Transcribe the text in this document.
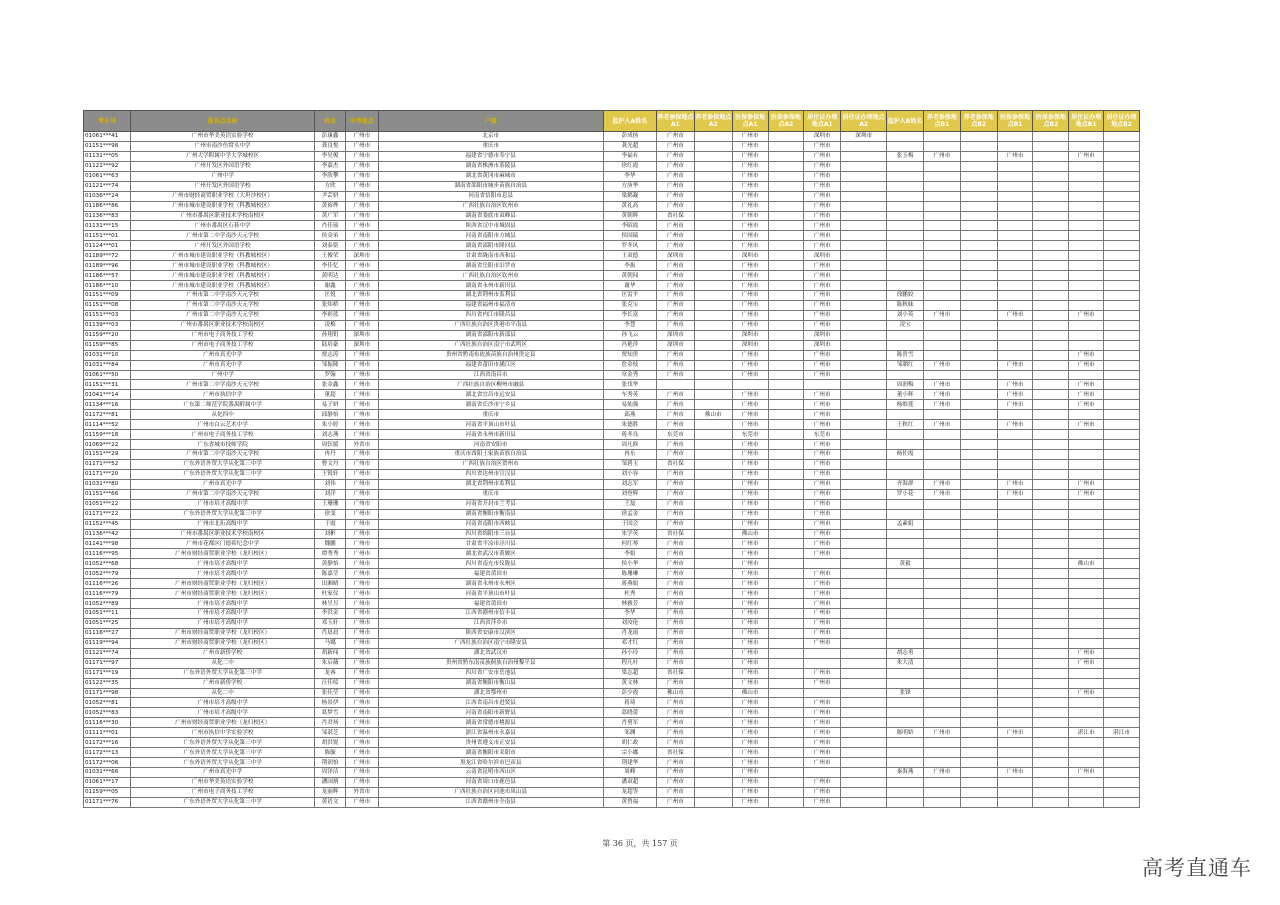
考生号	报名点名称	姓名	中考地点	户籍	监护人A姓名	养老参保地点A1	养老参保地点A2	医保参保地点A1	医保参保地点A2	居住证办理地点A1	居住证办理地点A2	监护人B姓名	养老参保地点B1	养老参保地点B2	医保参保地点B1	医保参保地点B2	居住证办理地点B1	居住证办理地点B2
01061***41	广州市华美英语实验学校	彭康鑫	广州市	北京市	彭成扬	广州市		广州市		深圳市	深圳市							
01151***98	广州市南沙鱼窝头中学	龚良悦	广州市	重庆市	龚光超	广州市		广州市		广州市								
01131***05	广州大学附属中学大学城校区	李昊俊	广州市	福建省宁德市寿宁县	李福有	广州市		广州市		广州市		张玉梅	广州市		广州市		广州市	
01121***92	广州开发区外国语学校	李嘉杰	广州市	湖南省株洲市茶陵县	徐红霞	广州市		广州市		广州市								
01061***63	广州中学	李欣攀	广州市	湖北省黄冈市麻城市	李华	广州市		广州市		广州市								
01121***74	广州开发区外国语学校	方欣	广州市	湖南省邵阳市城步苗族自治县	方庚华	广州市		广州市		广州市								
01036***24	广州市财经商贸职业学校（大坦沙校区）	尹芸妍	广州市	河南省信阳市息县	梁鹤凝	广州市		广州市		广州市								
01186***86	广州市城市建设职业学校（科教城校区）	黄裕烨	广州市	广西壮族自治区钦州市	黄礼高	广州市		广州市		广州市								
01136***83	广州市番禺区职业技术学校南校区	黄广军	广州市	湖南省娄底市双峰县	黄朝晖	省社保		广州市		广州市								
01131***15	广州市番禺区石碁中学	肖佳瑶	广州市	陕西省汉中市城固县	李昭霞	广州市		广州市		广州市								
01151***01	广州市第二中学南沙天元学校	侯金弟	广州市	河南省南阳市方城县	侯国瑞	广州市		广州市		广州市								
01124***01	广州开发区外国语学校	刘泰铭	广州市	湖南省邵阳市隆回县	罗冬风	广州市		广州市		广州市								
01189***72	广州市城市建设职业学校（科教城校区）	王俊荣	深圳市	甘肃省陇南市西和县	王双德	深圳市		深圳市		深圳市								
01189***96	广州市城市建设职业学校（科教城校区）	李佳忆	广州市	湖南省岳阳市汨罗市	李振	广州市		广州市		广州市								
01186***57	广州市城市建设职业学校（科教城校区）	黄明达	广州市	广西壮族自治区钦州市	黄朝闯	广州市		广州市		广州市								
01186***10	广州市城市建设职业学校（科教城校区）	谢鑫	广州市	湖南省永州市新田县	谢华	广州市		广州市		广州市								
01151***09	广州市第二中学南沙天元学校	匡悦	广州市	湖北省荆州市监利县	匡雷平	广州市		广州市		广州市		徐鹏姣						
01151***08	广州市第二中学南沙天元学校	张炜桥	广州市	福建省福州市福清市	张克宝	广州市		广州市		广州市		陈秋妹						
01151***03	广州市第二中学南沙天元学校	李彩蓝	广州市	四川省内江市隆昌县	李长富	广州市		广州市		广州市		刘小英	广州市		广州市		广州市	
01139***03	广州市番禺区职业技术学校南校区	凌梅	广州市	广西壮族自治区贵港市平南县	李慧	广州市		广州市		广州市		凌宝						
01159***20	广州市电子商务技工学校	孙翔钥	深圳市	湖南省邵阳市新邵县	孙飞云	深圳市		深圳市		深圳市								
01159***85	广州市电子商务技工学校	陆培豪	深圳市	广西壮族自治区南宁市武鸣区	冯艳萍	深圳市		深圳市		深圳市								
01031***10	广州市真光中学	贾志涛	广州市	贵州省黔南布依族苗族自治州贵定县	贾知贵	广州市		广州市		广州市		陈贵雪					广州市	
01031***84	广州市真光中学	邹振隆	广州市	福建省莆田市涵江区	詹金枝	广州市		广州市		广州市		邹潮红	广州市		广州市		广州市	
01061***50	广州中学	罗翰	广州市	江西省南昌市	章金秀	广州市		广州市		广州市								
01151***31	广州市第二中学南沙天元学校	张金鑫	广州市	广西壮族自治区柳州市融县	张伐华							周润梅	广州市		广州市		广州市	
01041***14	广州市执信中学	董超	广州市	湖北省宜昌市远安县	车秀英	广州市		广州市		广州市		董小辉	广州市		广州市		广州市	
01134***16	广东第二师范学院番禺附属中学	易子妍	广州市	湖南省长沙市宁乡县	易灿强	广州市		广州市		广州市		杨维莲	广州市		广州市		广州市	
01172***81	从化四中	邱静怡	广州市	重庆市	邱燕	广州市	佛山市	广州市		广州市								
01114***52	广州市白云艺术中学	朱小婷	广州市	河南省平顶山市叶县	朱德胜	广州市		广州市		广州市		王秋红	广州市		广州市		广州市	
01159***18	广州市电子商务技工学校	刘志燕	广州市	河南省永州市新田县	蒋冬良	东莞市		东莞市		东莞市								
01069***22	广东省城市技师学院	周钰媛	外省市	河南省安阳市	周凡修	广州市		广州市		广州市								
01151***29	广州市第二中学南沙天元学校	冉丹	广州市	重庆市酉阳土家族苗族自治县	冉东	广州市		广州市		广州市		杨佐霞						
01171***52	广东外语外贸大学从化第三中学	曹文丹	广州市	广西壮族自治区贺州市	邹碧玉	省社保		广州市		广州市								
01171***20	广东外语外贸大学从化第三中学	王锐轩	广州市	四川省达州市宣汉县	刘小容	广州市		广州市		广州市								
01031***80	广州市真光中学	刘伟	广州市	湖北省荆州市监利县	刘志军	广州市		广州市		广州市		齐海群	广州市		广州市		广州市	
01151***66	广州市第二中学南沙天元学校	刘洋	广州市	重庆市	刘登辉	广州市		广州市		广州市		罗小花	广州市		广州市		广州市	
01051***22	广州市培才高级中学	王珊珊	广州市	河南省开封市兰考县	王磊	广州市		广州市		广州市								
01171***22	广东外语外贸大学从化第三中学	徐变	广州市	湖南省衡阳市衡南县	徐孟金	广州市		广州市		广州市								
01152***45	广州市北珩高级中学	于霞	广州市	河南省南阳市西峡县	于国会	广州市		广州市		广州市		孟素娟						
01136***42	广州市番禺区职业技术学校南校区	刘彬	广州市	四川省绵阳市三台县	朱学英	省社保		佛山市		广州市								
01141***98	广州市花都区门德希纪念中学	魏鹏	广州市	甘肃省平凉市泾川县	何红琴	广州市		广州市		广州市								
01116***95	广州市财经商贸职业学校（龙归校区）	谭秀秀	广州市	湖北省武汉市黄陂区	李娟	广州市		广州市		广州市								
01052***68	广州市培才高级中学	黄静怡	广州市	四川省南充市仪陇县	侯小华	广州市		广州市				黄毅					佛山市	
01052***79	广州市培才高级中学	陈嘉莹	广州市	福建省莆田市	陈珊琳	广州市		广州市		广州市								
01116***26	广州市财经商贸职业学校（龙归校区）	田湘晴	广州市	湖南省永州市永州区	蒋燕娟	广州市		广州市		广州市								
01116***79	广州市财经商贸职业学校（龙归校区）	杜家仪	广州市	河南省平顶山市叶县	杜秀	广州市		广州市		广州市								
01052***89	广州市培才高级中学	林昱昱	广州市	福建省莆田市	林雅芳	广州市		广州市		广州市								
01051***11	广州市培才高级中学	李洪金	广州市	江西省赣州市信丰县	李华	广州市		广州市		广州市								
01051***25	广州市培才高级中学	邓玉轩	广州市	江西省萍乡市	刘汝伦	广州市		广州市		广州市								
01116***27	广州市财经商贸职业学校（龙归校区）	肖晨晨	广州市	陕西省安康市汉滨区	肖龙雨	广州市		广州市		广州市								
01119***94	广州市财经商贸职业学校（龙归校区）	马娜	广州市	广西壮族自治区南宁市隆安县	邓才红	广州市		广州市		广州市								
01121***74	广州市新侨学校	胡新闯	广州市	湖北省武汉市	孙小玲	广州市		广州市				胡志勇					广州市	
01171***97	从化二中	朱启薇	广州市	贵州省黔东南苗族侗族自治州黎平县	程凡叶	广州市		广州市				朱大清					广州市	
01171***19	广东外语外贸大学从化第三中学	龙睿	广州市	四川省广安市岳池县	梁志超	省社保		广州市		广州市								
01122***35	广州市新侨学校	汪佳绥	广州市	湖南省衡阳市衡山县	黄文林	广州市		广州市		广州市								
01171***98	从化二中	张佳莹	广州市	湖北省鄂州市	彭少霞	佛山市		佛山市				张锋					广州市	
01052***81	广州市培才高级中学	杨景伊	广州市	江西省南昌市进贤县	蒋琦	广州市		广州市		广州市								
01052***83	广州市培才高级中学	葛梦雪	广州市	河南省南阳市新野县	葛晓蕾	广州市		广州市		广州市								
01116***30	广州市财经商贸职业学校（龙归校区）	肖君扬	广州市	湖南省常德市桃源县	肖勇军	广州市		广州市		广州市								
01111***01	广州市执信中学实验学校	邹湛芝	广州市	浙江省温州市永嘉县	邹渊	广州市		广州市		广州市		陈明娇	广州市		广州市		湛江市	湛江市
01172***16	广东外语外贸大学从化第三中学	胡洪锐	广州市	贵州省遵义市正安县	胡仁政	广州市		广州市		广州市								
01172***13	广东外语外贸大学从化第三中学	陈毓	广州市	湖南省衡阳市耒阳市	宗小娜	省社保		广州市		广州市								
01172***06	广东外语外贸大学从化第三中学	荆润怡	广州市	黑龙江省哈尔滨市巴彦县	荆建华	广州市		广州市		广州市								
01031***66	广州市真光中学	周泽洁	广州市	云南省昆明市西山区	周峰	广州市		广州市				秦海燕	广州市		广州市		广州市	
01061***17	广州市华美英语实验学校	潘国炳	广州市	河南省周口市鹿邑县	潘双超	广州市		广州市		广州市								
01159***05	广州市电子商务技工学校	龙丽辉	外省市	广西壮族自治区河池市凤山县	龙超等	广州市		广州市		广州市								
01171***76	广东外语外贸大学从化第三中学	黄语文	广州市	江西省赣州市全南县	黄曾福	广州市		广州市		广州市								
第 36 页，共 157 页
高考直通车
